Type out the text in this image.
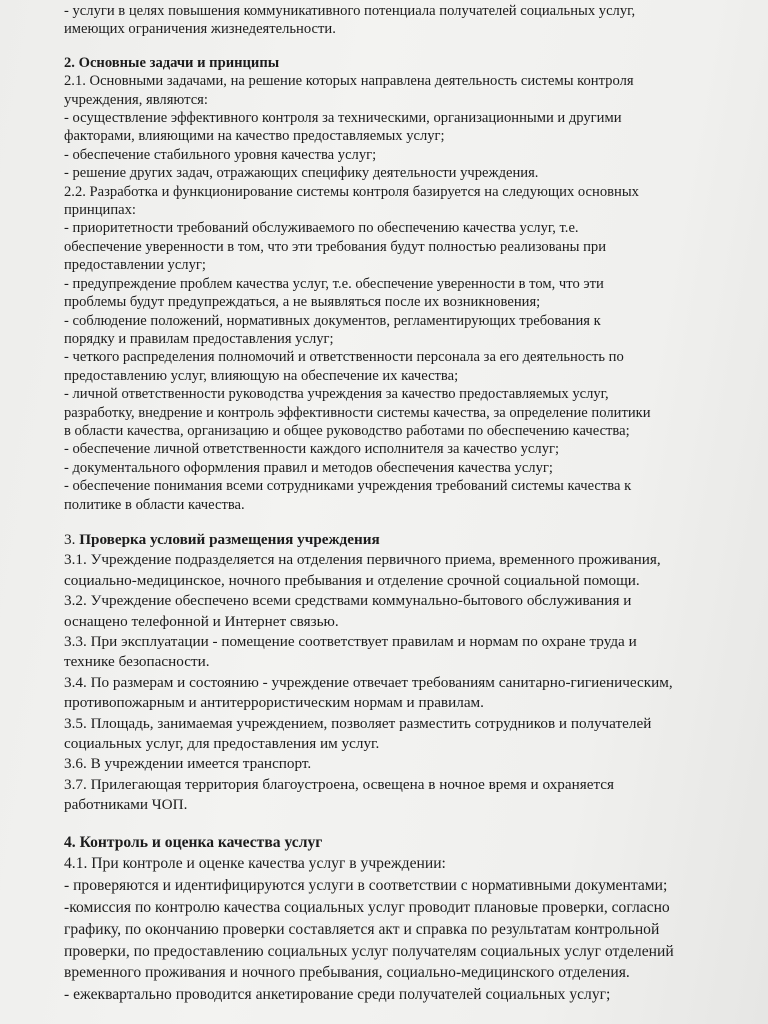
- услуги в целях повышения коммуникативного потенциала получателей социальных услуг,
имеющих ограничения жизнедеятельности.
2. Основные задачи и принципы
2.1. Основными задачами, на решение которых направлена деятельность системы контроля
учреждения, являются:
- осуществление эффективного контроля за техническими, организационными и другими
факторами, влияющими на качество предоставляемых услуг;
- обеспечение стабильного уровня качества услуг;
- решение других задач, отражающих специфику деятельности учреждения.
2.2. Разработка и функционирование системы контроля базируется на следующих основных
принципах:
- приоритетности требований обслуживаемого по обеспечению качества услуг, т.е.
обеспечение уверенности в том, что эти требования будут полностью реализованы при
предоставлении услуг;
- предупреждение проблем качества услуг, т.е. обеспечение уверенности в том, что эти
проблемы будут предупреждаться, а не выявляться после их возникновения;
- соблюдение положений, нормативных документов, регламентирующих требования к
порядку и правилам предоставления услуг;
- четкого распределения полномочий и ответственности персонала за его деятельность по
предоставлению услуг, влияющую на обеспечение их качества;
- личной ответственности руководства учреждения за качество предоставляемых услуг,
разработку, внедрение и контроль эффективности системы качества, за определение политики
в области качества, организацию и общее руководство работами по обеспечению качества;
- обеспечение личной ответственности каждого исполнителя за качество услуг;
- документального оформления правил и методов обеспечения качества услуг;
- обеспечение понимания всеми сотрудниками учреждения требований системы качества к
политике в области качества.
3. Проверка условий размещения учреждения
3.1. Учреждение подразделяется на отделения первичного приема, временного проживания,
социально-медицинское, ночного пребывания и отделение срочной социальной помощи.
3.2. Учреждение обеспечено всеми средствами коммунально-бытового обслуживания и
оснащено телефонной и Интернет связью.
3.3. При эксплуатации - помещение соответствует правилам и нормам по охране труда и
технике безопасности.
3.4. По размерам и состоянию - учреждение отвечает требованиям санитарно-гигиеническим,
противопожарным и антитеррористическим нормам и правилам.
3.5. Площадь, занимаемая учреждением, позволяет разместить сотрудников и получателей
социальных услуг, для предоставления им услуг.
3.6. В учреждении имеется транспорт.
3.7. Прилегающая территория благоустроена, освещена в ночное время и охраняется
работниками ЧОП.
4. Контроль и оценка качества услуг
4.1. При контроле и оценке качества услуг в учреждении:
- проверяются и идентифицируются услуги в соответствии с нормативными документами;
-комиссия по контролю качества социальных услуг проводит плановые проверки, согласно
графику, по окончанию проверки составляется акт и справка по результатам контрольной
проверки, по предоставлению социальных услуг получателям социальных услуг отделений
временного проживания и ночного пребывания, социально-медицинского отделения.
- ежеквартально проводится анкетирование среди получателей социальных услуг;
